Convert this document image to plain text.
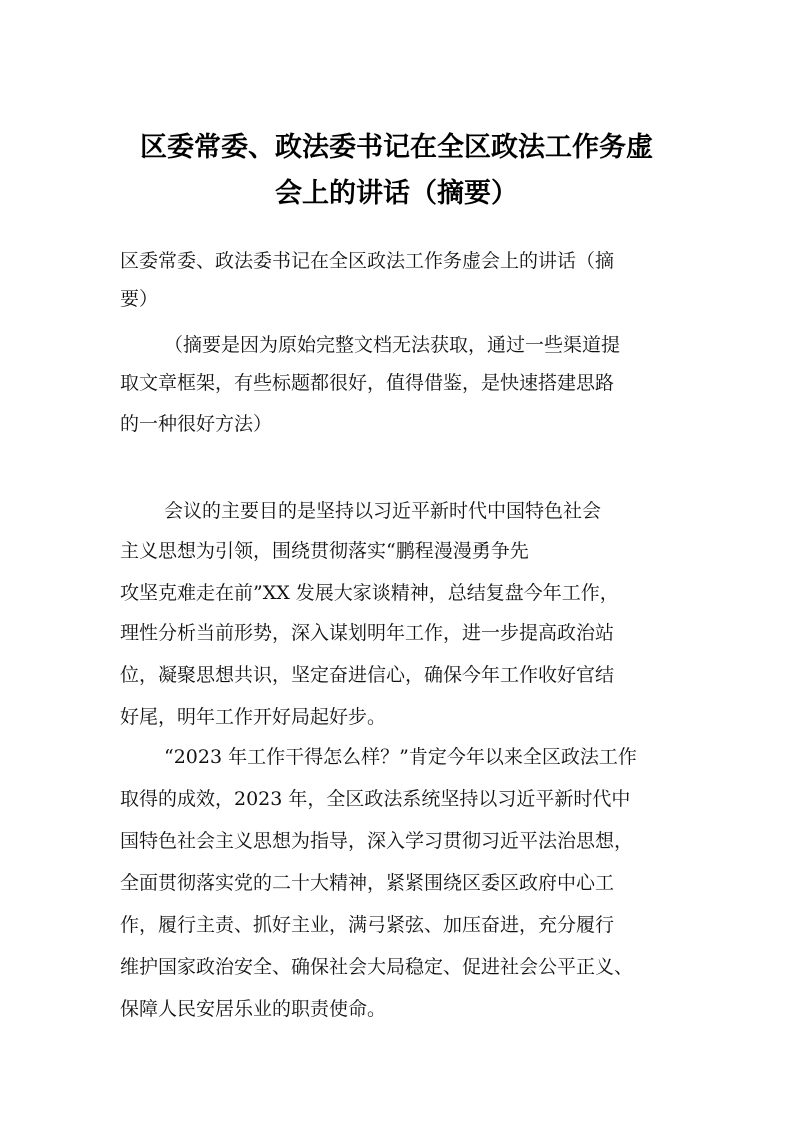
区委常委、政法委书记在全区政法工作务虚
会上的讲话（摘要）
区委常委、政法委书记在全区政法工作务虚会上的讲话（摘
要）
（摘要是因为原始完整文档无法获取，通过一些渠道提
取文章框架，有些标题都很好，值得借鉴，是快速搭建思路
的一种很好方法）
会议的主要目的是坚持以习近平新时代中国特色社会
主义思想为引领，围绕贯彻落实“鹏程漫漫勇争先
攻坚克难走在前”XX 发展大家谈精神，总结复盘今年工作，
理性分析当前形势，深入谋划明年工作，进一步提高政治站
位，凝聚思想共识，坚定奋进信心，确保今年工作收好官结
好尾，明年工作开好局起好步。
“2023 年工作干得怎么样？”肯定今年以来全区政法工作
取得的成效，2023 年，全区政法系统坚持以习近平新时代中
国特色社会主义思想为指导，深入学习贯彻习近平法治思想，
全面贯彻落实党的二十大精神，紧紧围绕区委区政府中心工
作，履行主责、抓好主业，满弓紧弦、加压奋进，充分履行
维护国家政治安全、确保社会大局稳定、促进社会公平正义、
保障人民安居乐业的职责使命。
